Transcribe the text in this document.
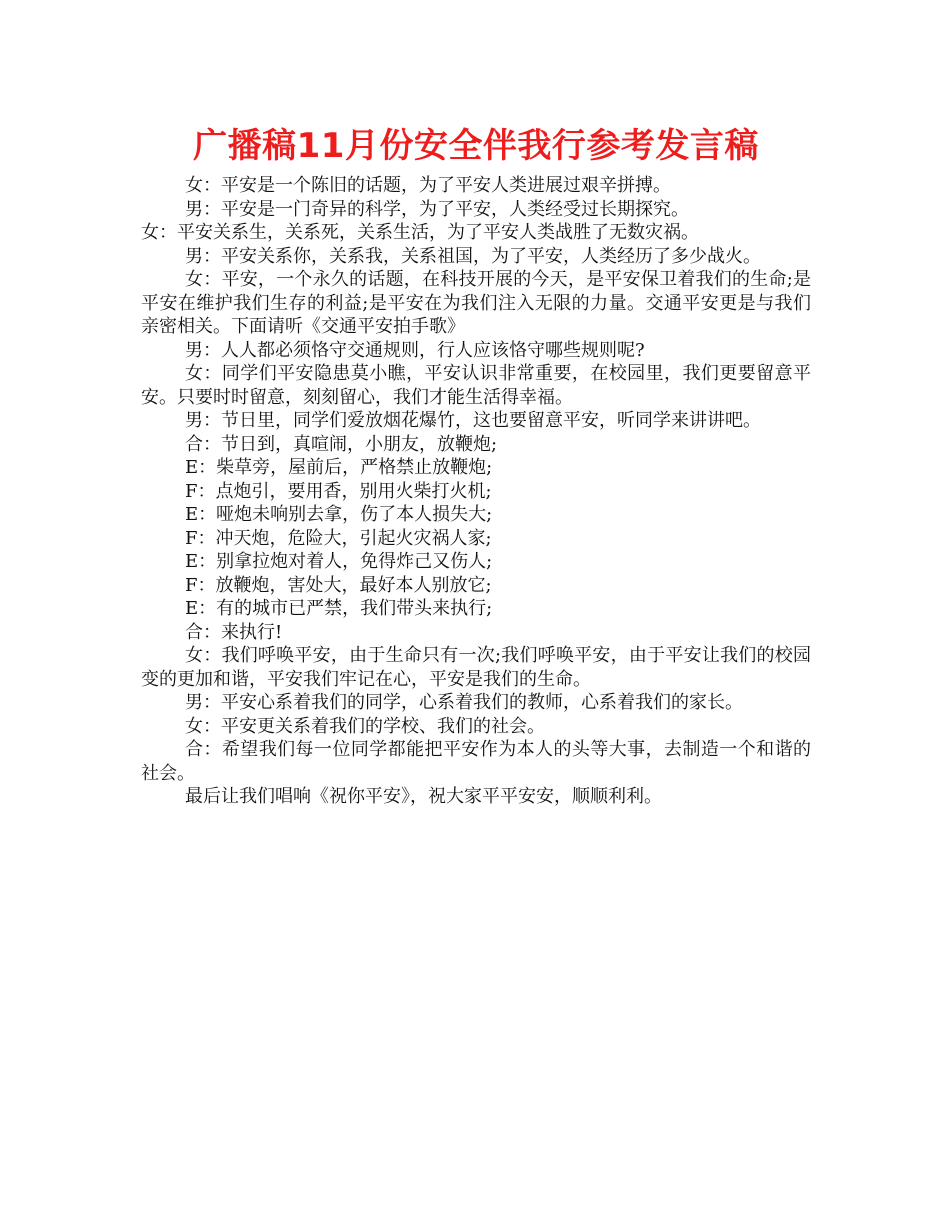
广播稿11月份安全伴我行参考发言稿

女：平安是一个陈旧的话题，为了平安人类进展过艰辛拼搏。

男：平安是一门奇异的科学，为了平安，人类经受过长期探究。

女：平安关系生，关系死，关系生活，为了平安人类战胜了无数灾祸。

男：平安关系你，关系我，关系祖国，为了平安，人类经历了多少战火。

女：平安，一个永久的话题，在科技开展的今天，是平安保卫着我们的生命;是平安在维护我们生存的利益;是平安在为我们注入无限的力量。交通平安更是与我们亲密相关。下面请听《交通平安拍手歌》

男：人人都必须恪守交通规则，行人应该恪守哪些规则呢?

女：同学们平安隐患莫小瞧，平安认识非常重要，在校园里，我们更要留意平安。只要时时留意，刻刻留心，我们才能生活得幸福。

男：节日里，同学们爱放烟花爆竹，这也要留意平安，听同学来讲讲吧。

合：节日到，真喧闹，小朋友，放鞭炮;

E：柴草旁，屋前后，严格禁止放鞭炮;

F：点炮引，要用香，别用火柴打火机;

E：哑炮未响别去拿，伤了本人损失大;

F：冲天炮，危险大，引起火灾祸人家;

E：别拿拉炮对着人，免得炸己又伤人;

F：放鞭炮，害处大，最好本人别放它;

E：有的城市已严禁，我们带头来执行;

合：来执行!

女：我们呼唤平安，由于生命只有一次;我们呼唤平安，由于平安让我们的校园变的更加和谐，平安我们牢记在心，平安是我们的生命。

男：平安心系着我们的同学，心系着我们的教师，心系着我们的家长。

女：平安更关系着我们的学校、我们的社会。

合：希望我们每一位同学都能把平安作为本人的头等大事，去制造一个和谐的社会。

最后让我们唱响《祝你平安》，祝大家平平安安，顺顺利利。
